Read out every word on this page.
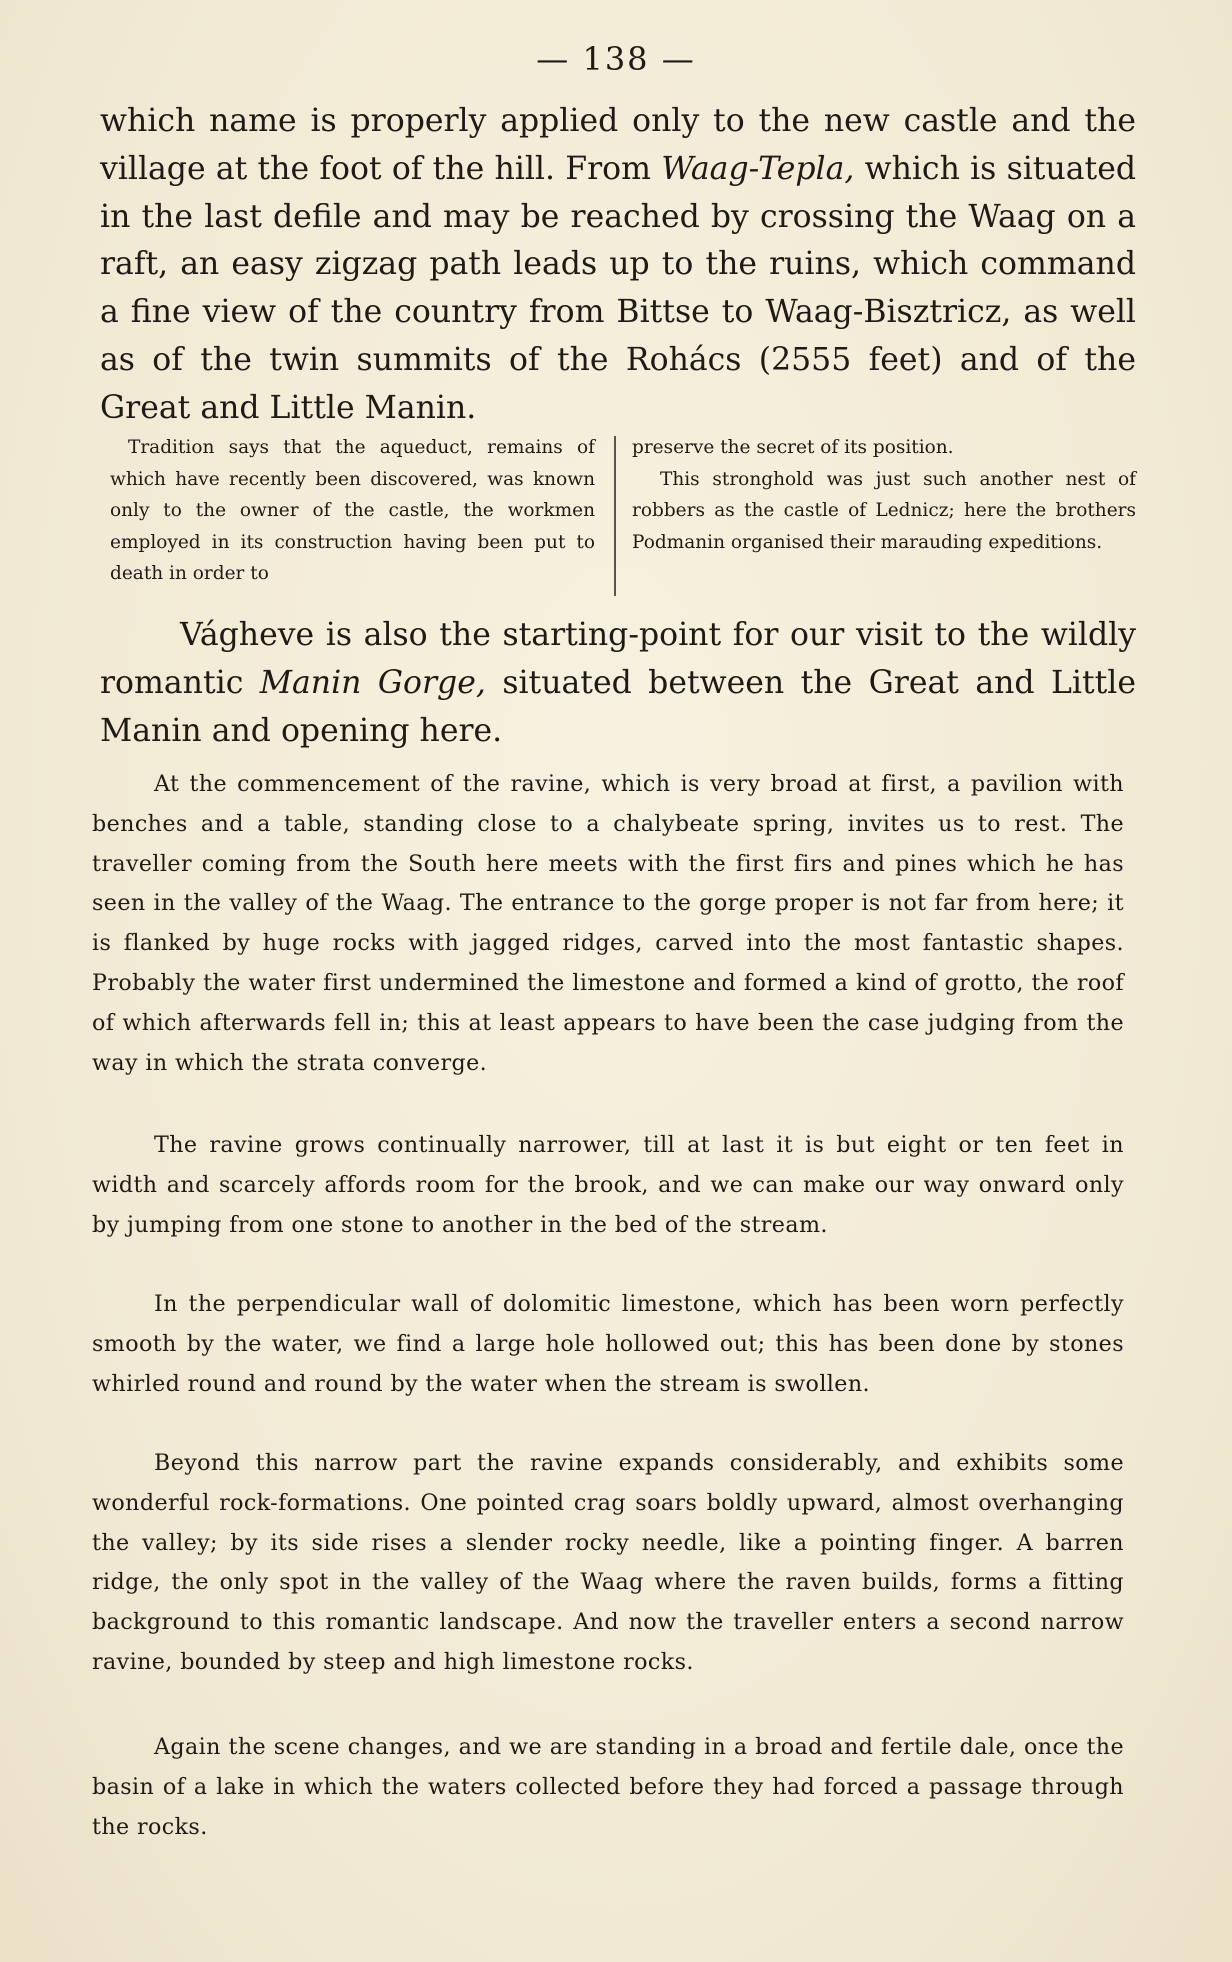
— 138 —

which name is properly applied only to the new castle and the village at the foot of the hill. From Waag-Tepla, which is situated in the last defile and may be reached by crossing the Waag on a raft, an easy zigzag path leads up to the ruins, which command a fine view of the country from Bittse to Waag-Bisztricz, as well as of the twin summits of the Rohács (2555 feet) and of the Great and Little Manin.

Tradition says that the aqueduct, remains of which have recently been discovered, was known only to the owner of the castle, the workmen employed in its construction having been put to death in order to

preserve the secret of its position.
This stronghold was just such another nest of robbers as the castle of Lednicz; here the brothers Podmanin organised their marauding expeditions.

Vágheve is also the starting-point for our visit to the wildly romantic Manin Gorge, situated between the Great and Little Manin and opening here.

At the commencement of the ravine, which is very broad at first, a pavilion with benches and a table, standing close to a chalybeate spring, invites us to rest. The traveller coming from the South here meets with the first firs and pines which he has seen in the valley of the Waag. The entrance to the gorge proper is not far from here; it is flanked by huge rocks with jagged ridges, carved into the most fantastic shapes. Probably the water first undermined the limestone and formed a kind of grotto, the roof of which afterwards fell in; this at least appears to have been the case judging from the way in which the strata converge.

The ravine grows continually narrower, till at last it is but eight or ten feet in width and scarcely affords room for the brook, and we can make our way onward only by jumping from one stone to another in the bed of the stream.

In the perpendicular wall of dolomitic limestone, which has been worn perfectly smooth by the water, we find a large hole hollowed out; this has been done by stones whirled round and round by the water when the stream is swollen.

Beyond this narrow part the ravine expands considerably, and exhibits some wonderful rock-formations. One pointed crag soars boldly upward, almost overhanging the valley; by its side rises a slender rocky needle, like a pointing finger. A barren ridge, the only spot in the valley of the Waag where the raven builds, forms a fitting background to this romantic landscape. And now the traveller enters a second narrow ravine, bounded by steep and high limestone rocks.

Again the scene changes, and we are standing in a broad and fertile dale, once the basin of a lake in which the waters collected before they had forced a passage through the rocks.
